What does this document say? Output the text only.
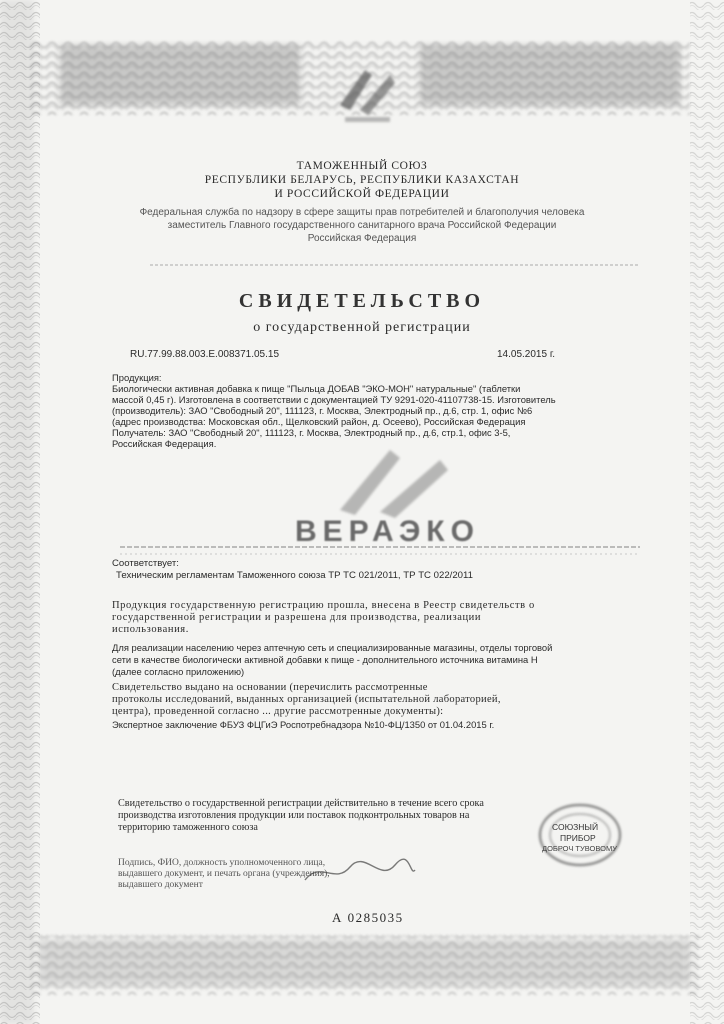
ТАМОЖЕННЫЙ СОЮЗ
РЕСПУБЛИКИ БЕЛАРУСЬ, РЕСПУБЛИКИ КАЗАХСТАН
И РОССИЙСКОЙ ФЕДЕРАЦИИ
Федеральная служба по надзору в сфере защиты прав потребителей и благополучия человека
заместитель Главного государственного санитарного врача Российской Федерации
Российская Федерация
СВИДЕТЕЛЬСТВО
о государственной регистрации
RU.77.99.88.003.E.008371.05.15	14.05.2015 г.
Продукция:
Биологически активная добавка к пище "Пыльца ДОБАВ "ЭКО-МОН" натуральные" (таблетки
массой 0,45 г). Изготовлена в соответствии с документацией ТУ 9291-020-41107738-15. Изготовитель
(производитель): ЗАО "Свободный 20", 111123, г. Москва, Электродный пр., д.6, стр. 1, офис №6
(адрес производства: Московская обл., Щелковский район, д. Осеево), Российская Федерация
Получатель: ЗАО "Свободный 20", 111123, г. Москва, Электродный пр., д.6, стр.1, офис 3-5,
Российская Федерация.
ВЕРАЭКО
Соответствует:
Техническим регламентам Таможенного союза ТР ТС 021/2011, ТР ТС 022/2011
Продукция государственную регистрацию прошла, внесена в Реестр свидетельств о
государственной регистрации и разрешена для производства, реализации
использования.
Для реализации населению через аптечную сеть и специализированные магазины, отделы торговой
сети в качестве биологически активной добавки к пище - дополнительного источника витамина Н
(далее согласно приложению)
Свидетельство выдано на основании (перечислить рассмотренные
протоколы исследований, выданных организацией (испытательной лабораторией,
центра), проведенной согласно ... другие рассмотренные документы):
Экспертное заключение ФБУЗ ФЦГиЭ Роспотребнадзора №10-ФЦ/1350 от 01.04.2015 г.
Свидетельство о государственной регистрации действительно в течение всего срока
производства изготовления продукции или поставок подконтрольных товаров на
территорию таможенного союза	СОЮЗНЫЙ
ПРИБОР
ДОБРОЧ ТУВОВОМУ
Подпись, ФИО, должность уполномоченного лица,
выдавшего документ, и печать органа (учреждения),
выдавшего документ
А 0285035
